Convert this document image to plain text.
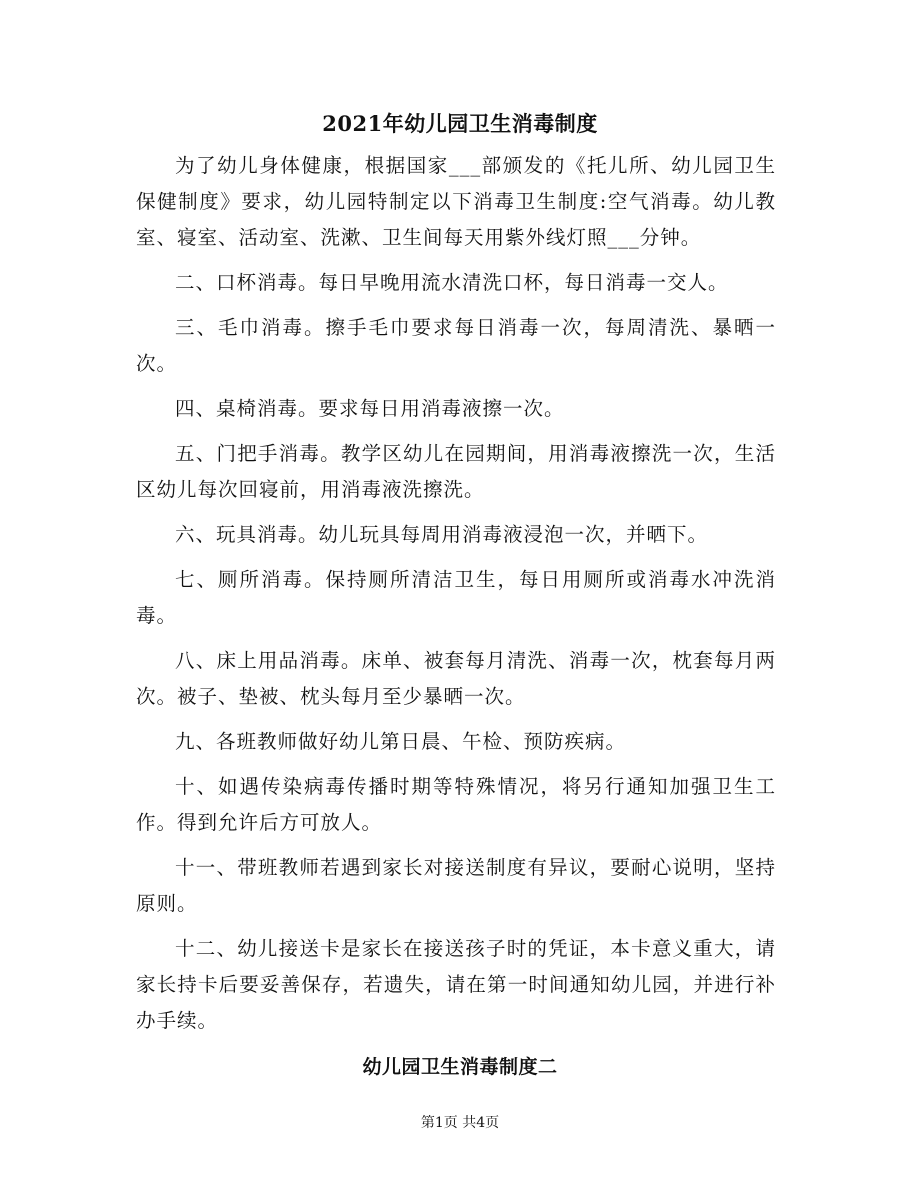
2021年幼儿园卫生消毒制度

为了幼儿身体健康，根据国家___部颁发的《托儿所、幼儿园卫生保健制度》要求，幼儿园特制定以下消毒卫生制度:空气消毒。幼儿教室、寝室、活动室、洗漱、卫生间每天用紫外线灯照___分钟。

二、口杯消毒。每日早晚用流水清洗口杯，每日消毒一交人。

三、毛巾消毒。擦手毛巾要求每日消毒一次，每周清洗、暴晒一次。

四、桌椅消毒。要求每日用消毒液擦一次。

五、门把手消毒。教学区幼儿在园期间，用消毒液擦洗一次，生活区幼儿每次回寝前，用消毒液洗擦洗。

六、玩具消毒。幼儿玩具每周用消毒液浸泡一次，并晒下。

七、厕所消毒。保持厕所清洁卫生，每日用厕所或消毒水冲洗消毒。

八、床上用品消毒。床单、被套每月清洗、消毒一次，枕套每月两次。被子、垫被、枕头每月至少暴晒一次。

九、各班教师做好幼儿第日晨、午检、预防疾病。

十、如遇传染病毒传播时期等特殊情况，将另行通知加强卫生工作。得到允许后方可放人。

十一、带班教师若遇到家长对接送制度有异议，要耐心说明，坚持原则。

十二、幼儿接送卡是家长在接送孩子时的凭证，本卡意义重大，请家长持卡后要妥善保存，若遗失，请在第一时间通知幼儿园，并进行补办手续。

幼儿园卫生消毒制度二
第1页 共4页
